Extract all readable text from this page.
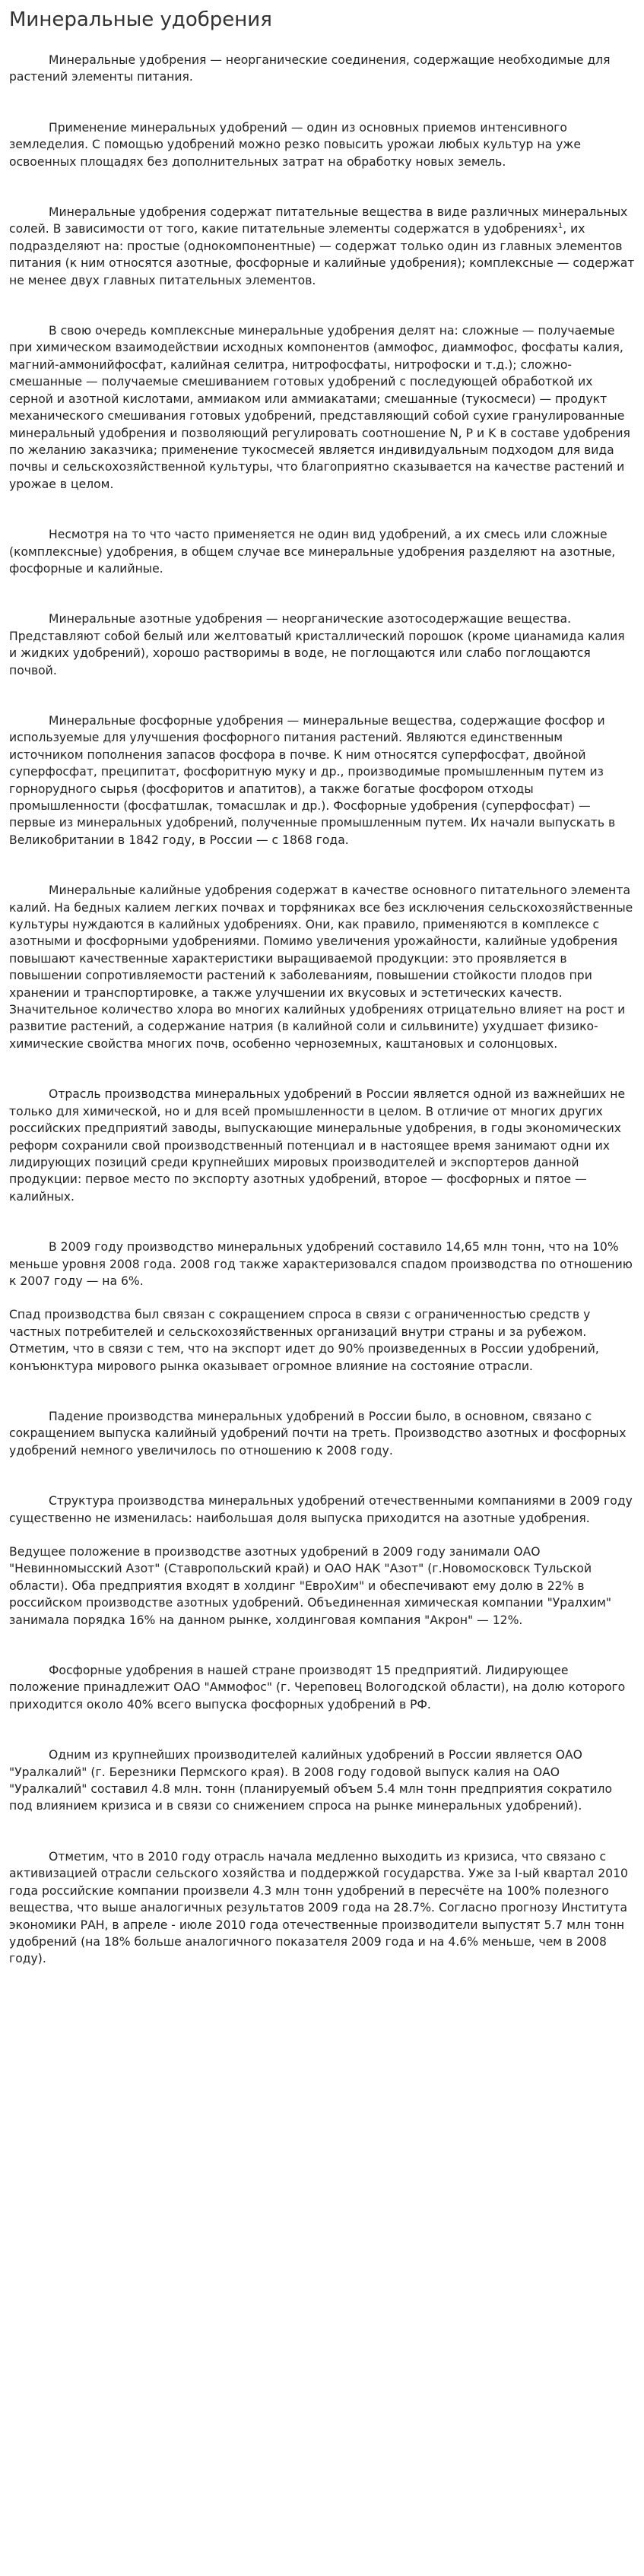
Минеральные удобрения

Минеральные удобрения — неорганические соединения, содержащие необходимые для растений элементы питания.

Применение минеральных удобрений — один из основных приемов интенсивного земледелия. С помощью удобрений можно резко повысить урожаи любых культур на уже освоенных площадях без дополнительных затрат на обработку новых земель.

Минеральные удобрения содержат питательные вещества в виде различных минеральных солей. В зависимости от того, какие питательные элементы содержатся в удобрениях$^1$, их подразделяют на: простые (однокомпонентные) — содержат только один из главных элементов питания (к ним относятся азотные, фосфорные и калийные удобрения); комплексные — содержат не менее двух главных питательных элементов.

В свою очередь комплексные минеральные удобрения делят на: сложные — получаемые при химическом взаимодействии исходных компонентов (аммофос, диаммофос, фосфаты калия, магний-аммонийфосфат, калийная селитра, нитрофосфаты, нитрофоски и т.д.); сложно-смешанные — получаемые смешиванием готовых удобрений с последующей обработкой их серной и азотной кислотами, аммиаком или аммиакатами; смешанные (тукосмеси) — продукт механического смешивания готовых удобрений, представляющий собой сухие гранулированные минеральный удобрения и позволяющий регулировать соотношение N, P и K в составе удобрения по желанию заказчика; применение тукосмесей является индивидуальным подходом для вида почвы и сельскохозяйственной культуры, что благоприятно сказывается на качестве растений и урожае в целом.

Несмотря на то что часто применяется не один вид удобрений, а их смесь или сложные (комплексные) удобрения, в общем случае все минеральные удобрения разделяют на азотные, фосфорные и калийные.

Минеральные азотные удобрения — неорганические азотосодержащие вещества. Представляют собой белый или желтоватый кристаллический порошок (кроме цианамида калия и жидких удобрений), хорошо растворимы в воде, не поглощаются или слабо поглощаются почвой.

Минеральные фосфорные удобрения — минеральные вещества, содержащие фосфор и используемые для улучшения фосфорного питания растений. Являются единственным источником пополнения запасов фосфора в почве. К ним относятся суперфосфат, двойной суперфосфат, преципитат, фосфоритную муку и др., производимые промышленным путем из горнорудного сырья (фосфоритов и апатитов), а также богатые фосфором отходы промышленности (фосфатшлак, томасшлак и др.). Фосфорные удобрения (суперфосфат) — первые из минеральных удобрений, полученные промышленным путем. Их начали выпускать в Великобритании в 1842 году, в России — с 1868 года.

Минеральные калийные удобрения содержат в качестве основного питательного элемента калий. На бедных калием легких почвах и торфяниках все без исключения сельскохозяйственные культуры нуждаются в калийных удобрениях. Они, как правило, применяются в комплексе с азотными и фосфорными удобрениями. Помимо увеличения урожайности, калийные удобрения повышают качественные характеристики выращиваемой продукции: это проявляется в повышении сопротивляемости растений к заболеваниям, повышении стойкости плодов при хранении и транспортировке, а также улучшении их вкусовых и эстетических качеств. Значительное количество хлора во многих калийных удобрениях отрицательно влияет на рост и развитие растений, а содержание натрия (в калийной соли и сильвините) ухудшает физико-химические свойства многих почв, особенно черноземных, каштановых и солонцовых.

Отрасль производства минеральных удобрений в России является одной из важнейших не только для химической, но и для всей промышленности в целом. В отличие от многих других российских предприятий заводы, выпускающие минеральные удобрения, в годы экономических реформ сохранили свой производственный потенциал и в настоящее время занимают одни их лидирующих позиций среди крупнейших мировых производителей и экспортеров данной продукции: первое место по экспорту азотных удобрений, второе — фосфорных и пятое — калийных.

В 2009 году производство минеральных удобрений составило 14,65 млн тонн, что на 10% меньше уровня 2008 года. 2008 год также характеризовался спадом производства по отношению к 2007 году — на 6%.

Спад производства был связан с сокращением спроса в связи с ограниченностью средств у частных потребителей и сельскохозяйственных организаций внутри страны и за рубежом. Отметим, что в связи с тем, что на экспорт идет до 90% произведенных в России удобрений, конъюнктура мирового рынка оказывает огромное влияние на состояние отрасли.

Падение производства минеральных удобрений в России было, в основном, связано с сокращением выпуска калийный удобрений почти на треть. Производство азотных и фосфорных удобрений немного увеличилось по отношению к 2008 году.

Структура производства минеральных удобрений отечественными компаниями в 2009 году существенно не изменилась: наибольшая доля выпуска приходится на азотные удобрения.

Ведущее положение в производстве азотных удобрений в 2009 году занимали ОАО "Невинномысский Азот" (Ставропольский край) и ОАО НАК "Азот" (г.Новомосковск Тульской области). Оба предприятия входят в холдинг "ЕвроХим" и обеспечивают ему долю в 22% в российском производстве азотных удобрений. Объединенная химическая компании "Уралхим" занимала порядка 16% на данном рынке, холдинговая компания "Акрон" — 12%.

Фосфорные удобрения в нашей стране производят 15 предприятий. Лидирующее положение принадлежит ОАО "Аммофос" (г. Череповец Вологодской области), на долю которого приходится около 40% всего выпуска фосфорных удобрений в РФ.

Одним из крупнейших производителей калийных удобрений в России является ОАО "Уралкалий" (г. Березники Пермского края). В 2008 году годовой выпуск калия на ОАО "Уралкалий" составил 4.8 млн. тонн (планируемый объем 5.4 млн тонн предприятия сократило под влиянием кризиса и в связи со снижением спроса на рынке минеральных удобрений).

Отметим, что в 2010 году отрасль начала медленно выходить из кризиса, что связано с активизацией отрасли сельского хозяйства и поддержкой государства. Уже за I-ый квартал 2010 года российские компании произвели 4.3 млн тонн удобрений в пересчёте на 100% полезного вещества, что выше аналогичных результатов 2009 года на 28.7%. Согласно прогнозу Института экономики РАН, в апреле - июле 2010 года отечественные производители выпустят 5.7 млн тонн удобрений (на 18% больше аналогичного показателя 2009 года и на 4.6% меньше, чем в 2008 году).
